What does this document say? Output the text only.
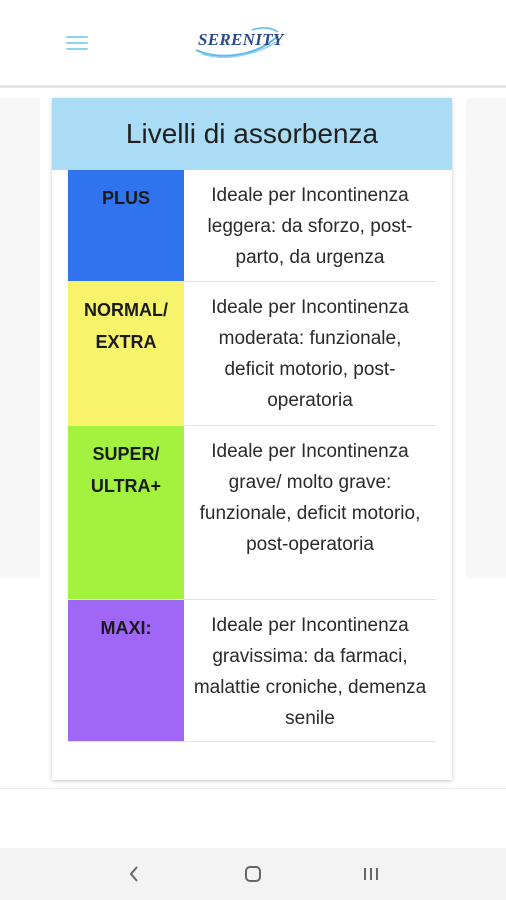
SERENITY
Livelli di assorbenza
PLUS	Ideale per Incontinenza leggera: da sforzo, post-parto, da urgenza
NORMAL/ EXTRA
Ideale per Incontinenza moderata: funzionale, deficit motorio, post-operatoria
SUPER/ ULTRA+
Ideale per Incontinenza grave/ molto grave: funzionale, deficit motorio, post-operatoria
MAXI:	Ideale per Incontinenza gravissima: da farmaci, malattie croniche, demenza senile
